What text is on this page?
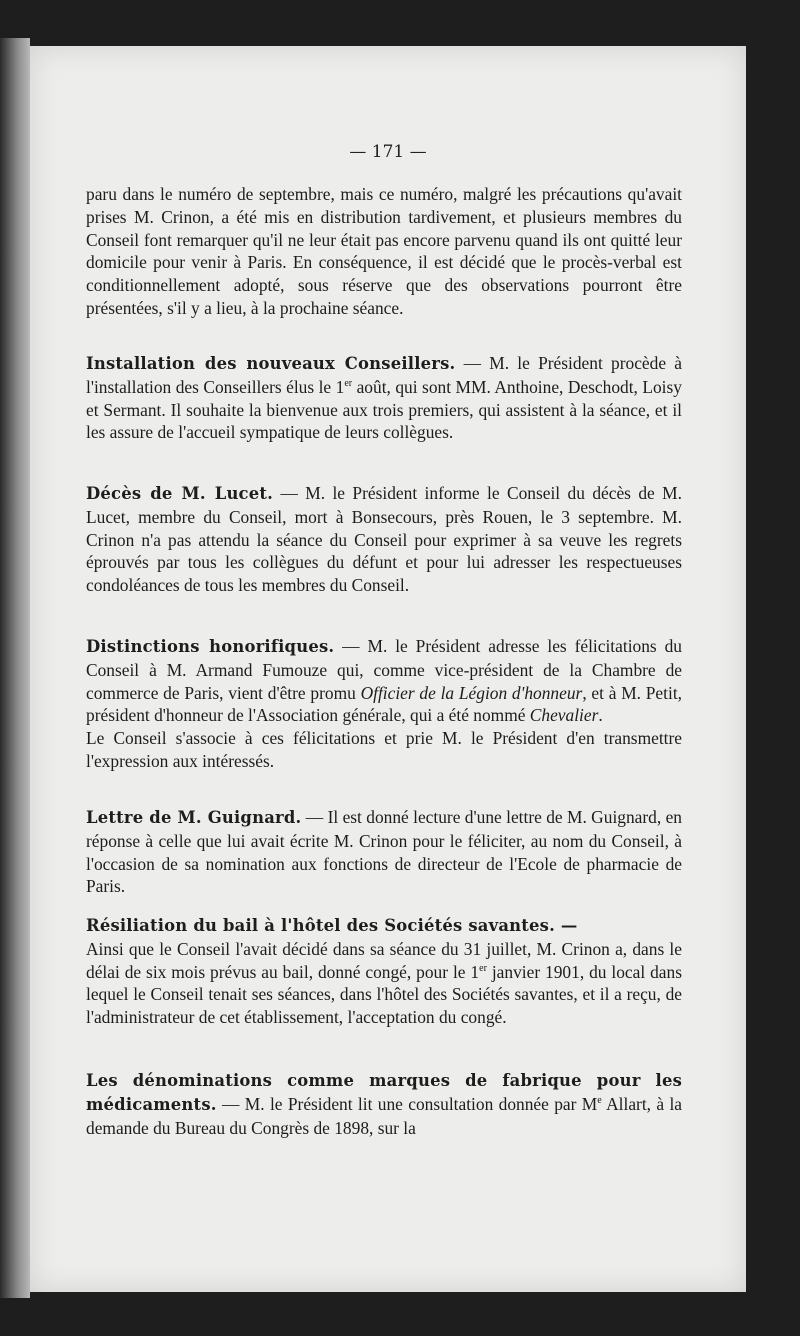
— 171 —

paru dans le numéro de septembre, mais ce numéro, malgré les précautions qu'avait prises M. Crinon, a été mis en distribution tardivement, et plusieurs membres du Conseil font remarquer qu'il ne leur était pas encore parvenu quand ils ont quitté leur domicile pour venir à Paris. En conséquence, il est décidé que le procès-verbal est conditionnellement adopté, sous réserve que des observations pourront être présentées, s'il y a lieu, à la prochaine séance.

Installation des nouveaux Conseillers. — M. le Président procède à l'installation des Conseillers élus le 1er août, qui sont MM. Anthoine, Deschodt, Loisy et Sermant. Il souhaite la bienvenue aux trois premiers, qui assistent à la séance, et il les assure de l'accueil sympatique de leurs collègues.

Décès de M. Lucet. — M. le Président informe le Conseil du décès de M. Lucet, membre du Conseil, mort à Bonsecours, près Rouen, le 3 septembre. M. Crinon n'a pas attendu la séance du Conseil pour exprimer à sa veuve les regrets éprouvés par tous les collègues du défunt et pour lui adresser les respectueuses condoléances de tous les membres du Conseil.

Distinctions honorifiques. — M. le Président adresse les félicitations du Conseil à M. Armand Fumouze qui, comme vice-président de la Chambre de commerce de Paris, vient d'être promu Officier de la Légion d'honneur, et à M. Petit, président d'honneur de l'Association générale, qui a été nommé Chevalier.

Le Conseil s'associe à ces félicitations et prie M. le Président d'en transmettre l'expression aux intéressés.

Lettre de M. Guignard. — Il est donné lecture d'une lettre de M. Guignard, en réponse à celle que lui avait écrite M. Crinon pour le féliciter, au nom du Conseil, à l'occasion de sa nomination aux fonctions de directeur de l'Ecole de pharmacie de Paris.

Résiliation du bail à l'hôtel des Sociétés savantes. —

Ainsi que le Conseil l'avait décidé dans sa séance du 31 juillet, M. Crinon a, dans le délai de six mois prévus au bail, donné congé, pour le 1er janvier 1901, du local dans lequel le Conseil tenait ses séances, dans l'hôtel des Sociétés savantes, et il a reçu, de l'administrateur de cet établissement, l'acceptation du congé.

Les dénominations comme marques de fabrique pour les médicaments. — M. le Président lit une consultation donnée par Me Allart, à la demande du Bureau du Congrès de 1898, sur la
